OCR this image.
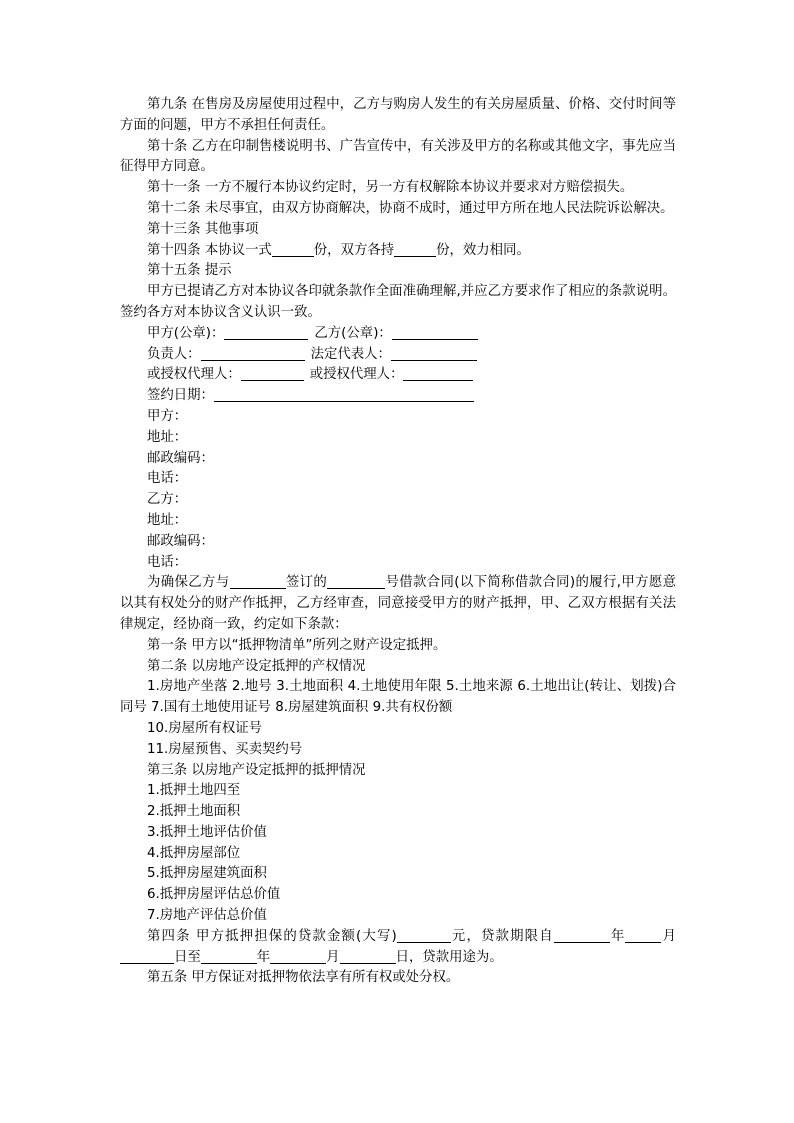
第九条 在售房及房屋使用过程中，乙方与购房人发生的有关房屋质量、价格、交付时间等方面的问题，甲方不承担任何责任。

第十条 乙方在印制售楼说明书、广告宣传中，有关涉及甲方的名称或其他文字，事先应当征得甲方同意。

第十一条 一方不履行本协议约定时，另一方有权解除本协议并要求对方赔偿损失。

第十二条 未尽事宜，由双方协商解决，协商不成时，通过甲方所在地人民法院诉讼解决。

第十三条 其他事项

第十四条 本协议一式	份，双方各持	份，效力相同。

第十五条 提示

甲方已提请乙方对本协议各印就条款作全面准确理解,并应乙方要求作了相应的条款说明。签约各方对本协议含义认识一致。

甲方(公章)：	乙方(公章)：

负责人：	法定代表人：

或授权代理人：	或授权代理人：

签约日期：

甲方：

地址：

邮政编码：

电话：

乙方：

地址：

邮政编码：

电话：

为确保乙方与	签订的	号借款合同(以下简称借款合同)的履行,甲方愿意以其有权处分的财产作抵押，乙方经审查，同意接受甲方的财产抵押，甲、乙双方根据有关法律规定，经协商一致，约定如下条款：

第一条 甲方以“抵押物清单”所列之财产设定抵押。

第二条 以房地产设定抵押的产权情况

1.房地产坐落 2.地号 3.土地面积 4.土地使用年限 5.土地来源 6.土地出让(转让、划拨)合同号 7.国有土地使用证号 8.房屋建筑面积 9.共有权份额

10.房屋所有权证号

11.房屋预售、买卖契约号

第三条 以房地产设定抵押的抵押情况

1.抵押土地四至

2.抵押土地面积

3.抵押土地评估价值

4.抵押房屋部位

5.抵押房屋建筑面积

6.抵押房屋评估总价值

7.房地产评估总价值

第四条 甲方抵押担保的贷款金额(大写)	元，贷款期限自	年	月日至	年	月	日，贷款用途为。

第五条 甲方保证对抵押物依法享有所有权或处分权。
